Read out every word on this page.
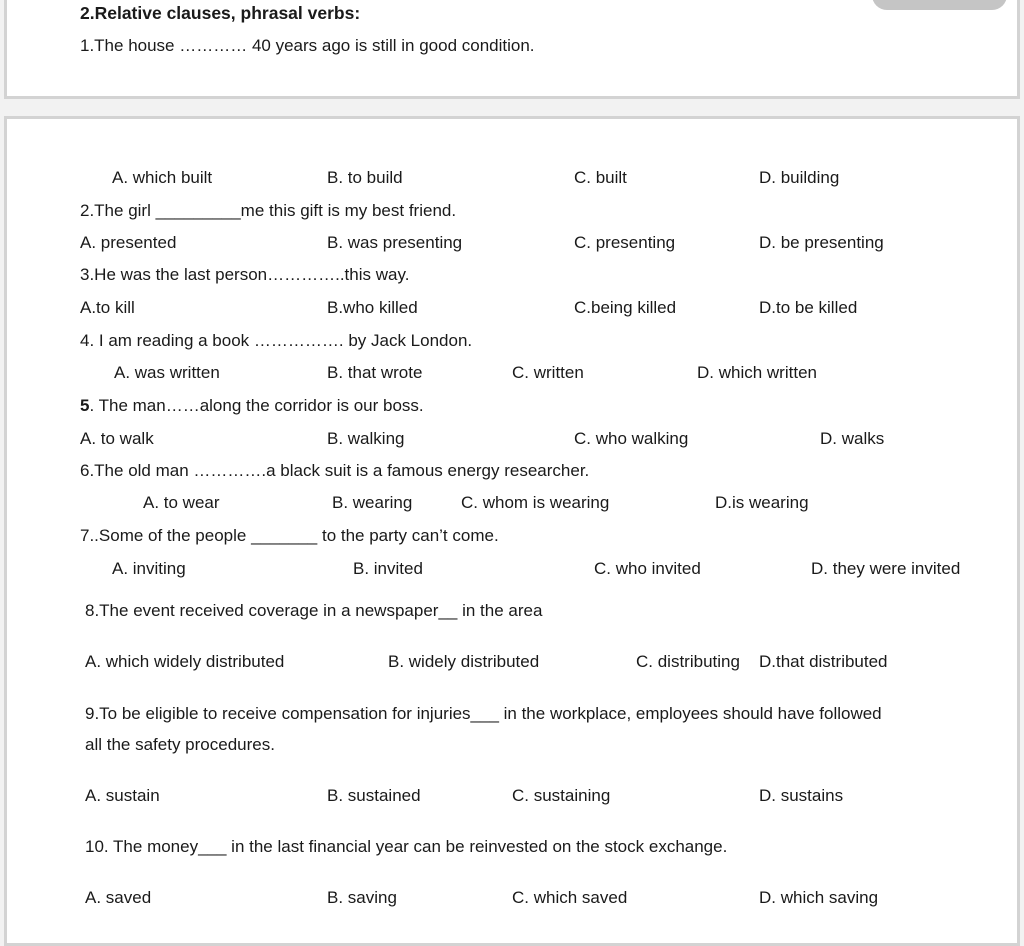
2.Relative clauses, phrasal verbs:
1.The house ………… 40 years ago is still in good condition.
A. which built	B. to build	C. built	D. building
2.The girl _________me this gift is my best friend.
A. presented	B. was presenting	C. presenting	D. be presenting
3.He was the last person…………..this way.
A.to kill	B.who killed	C.being killed	D.to be killed
4. I am reading a book ……………. by Jack London.
A. was written	B. that wrote	C. written	D. which written
5. The man……along the corridor is our boss.
A. to walk	B. walking	C. who walking	D. walks
6.The old man ………….a black suit is a famous energy researcher.
A. to wear	B. wearing	C. whom is wearing	D.is wearing
7..Some of the people _______ to the party can’t come.
A. inviting	B. invited	C. who invited	D. they were invited
8.The event received coverage in a newspaper__ in the area
A. which widely distributed	B. widely distributed	C. distributing D.that distributed
9.To be eligible to receive compensation for injuries___ in the workplace, employees should have followed
all the safety procedures.
A. sustain	B. sustained	C. sustaining	D. sustains
10. The money___ in the last financial year can be reinvested on the stock exchange.
A. saved	B. saving	C. which saved	D. which saving
